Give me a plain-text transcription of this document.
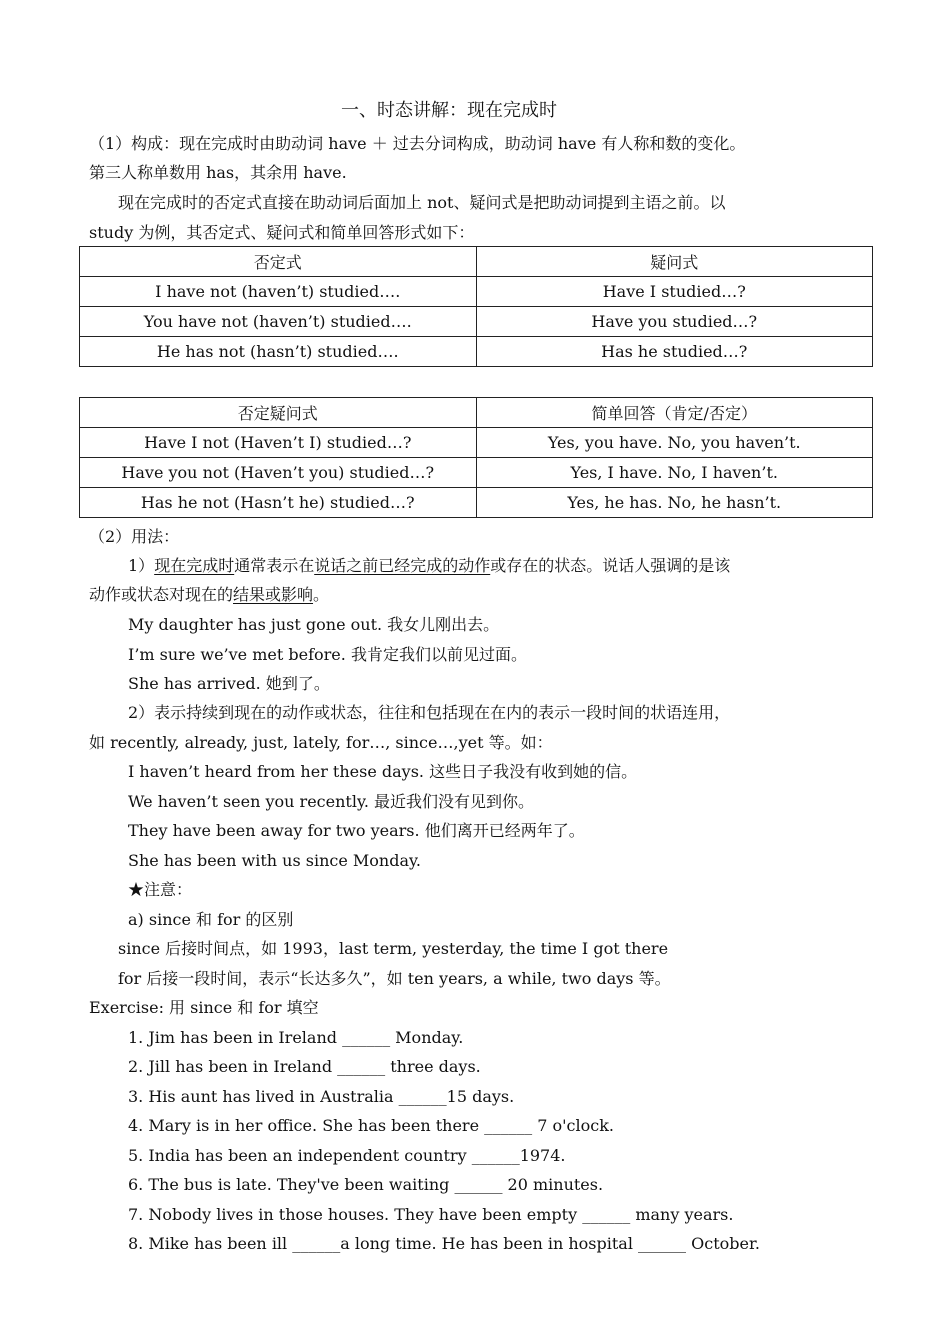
一、时态讲解：现在完成时
（1）构成：现在完成时由助动词 have ＋ 过去分词构成，助动词 have 有人称和数的变化。
第三人称单数用 has，其余用 have.
现在完成时的否定式直接在助动词后面加上 not、疑问式是把助动词提到主语之前。以
study 为例，其否定式、疑问式和简单回答形式如下：
否定式	疑问式
I have not (haven’t) studied….	Have I studied…?
You have not (haven’t) studied….	Have you studied…?
He has not (hasn’t) studied….	Has he studied…?
否定疑问式	简单回答（肯定/否定）
Have I not (Haven’t I) studied…?	Yes, you have. No, you haven’t.
Have you not (Haven’t you) studied…?	Yes, I have. No, I haven’t.
Has he not (Hasn’t he) studied…?	Yes, he has. No, he hasn’t.
（2）用法：
1）现在完成时通常表示在说话之前已经完成的动作或存在的状态。说话人强调的是该
动作或状态对现在的结果或影响。
My daughter has just gone out. 我女儿刚出去。
I’m sure we’ve met before. 我肯定我们以前见过面。
She has arrived. 她到了。
2）表示持续到现在的动作或状态，往往和包括现在在内的表示一段时间的状语连用，
如 recently, already, just, lately, for…, since…,yet 等。如：
I haven’t heard from her these days. 这些日子我没有收到她的信。
We haven’t seen you recently. 最近我们没有见到你。
They have been away for two years. 他们离开已经两年了。
She has been with us since Monday.
★注意：
a) since 和 for 的区别
since 后接时间点，如 1993，last term, yesterday, the time I got there
for 后接一段时间，表示“长达多久”，如 ten years, a while, two days 等。
Exercise: 用 since 和 for 填空
1. Jim has been in Ireland ______ Monday.
2. Jill has been in Ireland ______ three days.
3. His aunt has lived in Australia ______15 days.
4. Mary is in her office. She has been there ______ 7 o'clock.
5. India has been an independent country ______1974.
6. The bus is late. They've been waiting ______ 20 minutes.
7. Nobody lives in those houses. They have been empty ______ many years.
8. Mike has been ill ______a long time. He has been in hospital ______ October.
